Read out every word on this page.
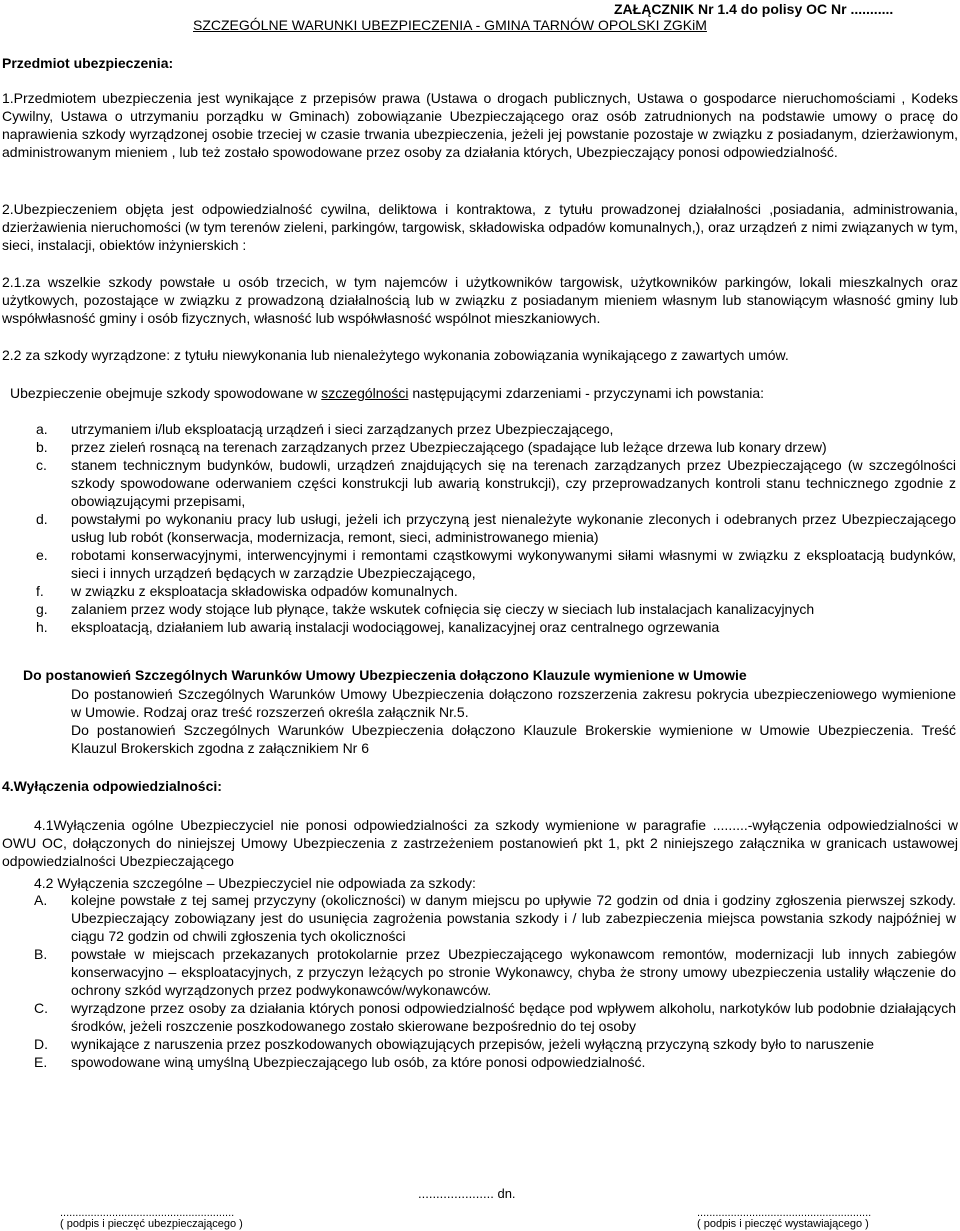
ZAŁĄCZNIK Nr 1.4 do polisy OC Nr ...........
SZCZEGÓLNE WARUNKI UBEZPIECZENIA - GMINA TARNÓW OPOLSKI ZGKiM
Przedmiot ubezpieczenia:
1.Przedmiotem ubezpieczenia jest wynikające z przepisów prawa (Ustawa o drogach publicznych, Ustawa o gospodarce nieruchomościami , Kodeks Cywilny, Ustawa o utrzymaniu porządku w Gminach) zobowiązanie Ubezpieczającego oraz osób zatrudnionych na podstawie umowy o pracę do naprawienia szkody wyrządzonej osobie trzeciej w czasie trwania ubezpieczenia, jeżeli jej powstanie pozostaje w związku z posiadanym, dzierżawionym, administrowanym mieniem , lub też zostało spowodowane przez osoby za działania których, Ubezpieczający ponosi odpowiedzialność.
2.Ubezpieczeniem objęta jest odpowiedzialność cywilna, deliktowa i kontraktowa, z tytułu prowadzonej działalności ,posiadania, administrowania, dzierżawienia nieruchomości (w tym terenów zieleni, parkingów, targowisk, składowiska odpadów komunalnych,), oraz urządzeń z nimi związanych w tym, sieci, instalacji, obiektów inżynierskich :
2.1.za wszelkie szkody powstałe u osób trzecich, w tym najemców i użytkowników targowisk, użytkowników parkingów, lokali mieszkalnych oraz użytkowych, pozostające w związku z prowadzoną działalnością lub w związku z posiadanym mieniem własnym lub stanowiącym własność gminy lub współwłasność gminy i osób fizycznych, własność lub współwłasność wspólnot mieszkaniowych.
2.2 za szkody wyrządzone: z tytułu niewykonania lub nienależytego wykonania zobowiązania wynikającego z zawartych umów.
Ubezpieczenie obejmuje szkody spowodowane w szczególności następującymi zdarzeniami - przyczynami ich powstania:
a.	utrzymaniem i/lub eksploatacją urządzeń i sieci zarządzanych przez Ubezpieczającego,
b.	przez zieleń rosnącą na terenach zarządzanych przez Ubezpieczającego (spadające lub leżące drzewa lub konary drzew)
c.	stanem technicznym budynków, budowli, urządzeń znajdujących się na terenach zarządzanych przez Ubezpieczającego (w szczególności szkody spowodowane oderwaniem części konstrukcji lub awarią konstrukcji), czy przeprowadzanych kontroli stanu technicznego zgodnie z obowiązującymi przepisami,
d.	powstałymi po wykonaniu pracy lub usługi, jeżeli ich przyczyną jest nienależyte wykonanie zleconych i odebranych przez Ubezpieczającego usług lub robót (konserwacja, modernizacja, remont, sieci, administrowanego mienia)
e.	robotami konserwacyjnymi, interwencyjnymi i remontami cząstkowymi wykonywanymi siłami własnymi w związku z eksploatacją budynków, sieci i innych urządzeń będących w zarządzie Ubezpieczającego,
f.	w związku z eksploatacja składowiska odpadów komunalnych.
g.	zalaniem przez wody stojące lub płynące, także wskutek cofnięcia się cieczy w sieciach lub instalacjach kanalizacyjnych
h.	eksploatacją, działaniem lub awarią instalacji wodociągowej, kanalizacyjnej oraz centralnego ogrzewania
Do postanowień Szczególnych Warunków Umowy Ubezpieczenia dołączono Klauzule wymienione w Umowie
Do postanowień Szczególnych Warunków Umowy Ubezpieczenia dołączono rozszerzenia zakresu pokrycia ubezpieczeniowego wymienione w Umowie. Rodzaj oraz treść rozszerzeń określa załącznik Nr.5.
Do postanowień Szczególnych Warunków Ubezpieczenia dołączono Klauzule Brokerskie wymienione w Umowie Ubezpieczenia. Treść Klauzul Brokerskich zgodna z załącznikiem Nr 6
4.Wyłączenia odpowiedzialności:
4.1Wyłączenia ogólne Ubezpieczyciel nie ponosi odpowiedzialności za szkody wymienione w paragrafie .........-wyłączenia odpowiedzialności w OWU OC, dołączonych do niniejszej Umowy Ubezpieczenia z zastrzeżeniem postanowień pkt 1, pkt 2 niniejszego załącznika w granicach ustawowej odpowiedzialności Ubezpieczającego
4.2 Wyłączenia szczególne – Ubezpieczyciel nie odpowiada za szkody:
A.	kolejne powstałe z tej samej przyczyny (okoliczności) w danym miejscu po upływie 72 godzin od dnia i godziny zgłoszenia pierwszej szkody. Ubezpieczający zobowiązany jest do usunięcia zagrożenia powstania szkody i / lub zabezpieczenia miejsca powstania szkody najpóźniej w ciągu 72 godzin od chwili zgłoszenia tych okoliczności
B.	powstałe w miejscach przekazanych protokolarnie przez Ubezpieczającego wykonawcom remontów, modernizacji lub innych zabiegów konserwacyjno – eksploatacyjnych, z przyczyn leżących po stronie Wykonawcy, chyba że strony umowy ubezpieczenia ustaliły włączenie do ochrony szkód wyrządzonych przez podwykonawców/wykonawców.
C.	wyrządzone przez osoby za działania których ponosi odpowiedzialność będące pod wpływem alkoholu, narkotyków lub podobnie działających środków, jeżeli roszczenie poszkodowanego zostało skierowane bezpośrednio do tej osoby
D.	wynikające z naruszenia przez poszkodowanych obowiązujących przepisów, jeżeli wyłączną przyczyną szkody było to naruszenie
E.	spowodowane winą umyślną Ubezpieczającego lub osób, za które ponosi odpowiedzialność.
..................... dn.
.........................................................
( podpis i pieczęć ubezpieczającego )
.........................................................
( podpis i pieczęć wystawiającego )
